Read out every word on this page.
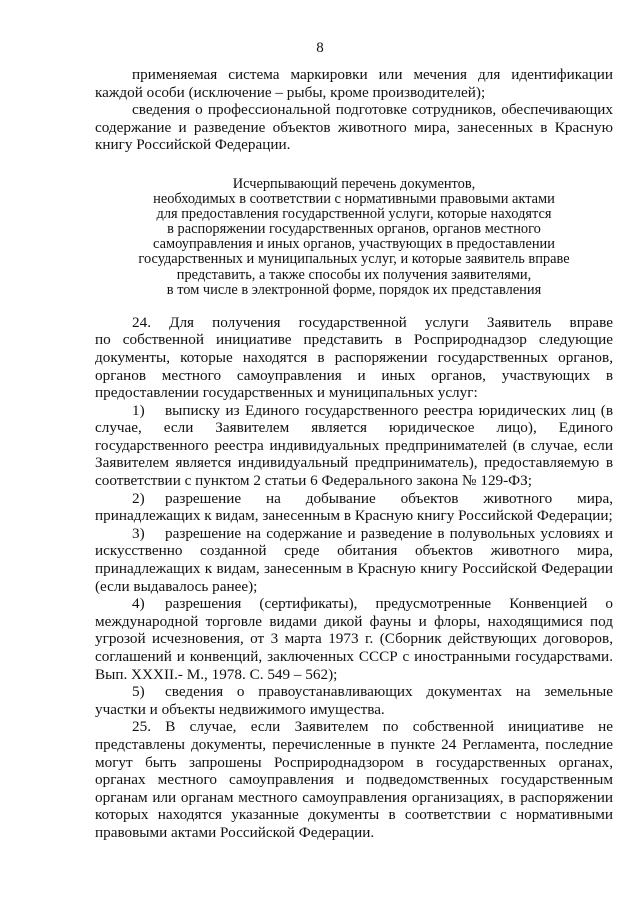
8

применяемая система маркировки или мечения для идентификации каждой особи (исключение – рыбы, кроме производителей);

сведения о профессиональной подготовке сотрудников, обеспечивающих содержание и разведение объектов животного мира, занесенных в Красную книгу Российской Федерации.

Исчерпывающий перечень документов,
необходимых в соответствии с нормативными правовыми актами
для предоставления государственной услуги, которые находятся
в распоряжении государственных органов, органов местного
самоуправления и иных органов, участвующих в предоставлении
государственных и муниципальных услуг, и которые заявитель вправе
представить, а также способы их получения заявителями,
в том числе в электронной форме, порядок их представления

24.    Для    получения    государственной    услуги    Заявитель    вправе по собственной инициативе представить в Росприроднадзор следующие документы, которые находятся в распоряжении государственных органов, органов местного самоуправления и иных органов, участвующих в предоставлении государственных и муниципальных услуг:

1) выписку из Единого государственного реестра юридических лиц (в случае, если Заявителем является юридическое лицо), Единого государственного реестра индивидуальных предпринимателей (в случае, если Заявителем является индивидуальный предприниматель), предоставляемую в соответствии с пунктом 2 статьи 6 Федерального закона № 129-ФЗ;
2) разрешение на добывание объектов животного мира, принадлежащих к видам, занесенным в Красную книгу Российской Федерации;
3) разрешение на содержание и разведение в полувольных условиях и искусственно созданной среде обитания объектов животного мира, принадлежащих к видам, занесенным в Красную книгу Российской Федерации (если выдавалось ранее);
4) разрешения (сертификаты), предусмотренные Конвенцией о международной торговле видами дикой фауны и флоры, находящимися под угрозой исчезновения, от 3 марта 1973 г. (Сборник действующих договоров, соглашений и конвенций, заключенных СССР с иностранными государствами. Вып. XXXII.- М., 1978. С. 549 – 562);
5) сведения о правоустанавливающих документах на земельные участки и объекты недвижимого имущества.

25. В случае, если Заявителем по собственной инициативе не представлены документы, перечисленные в пункте 24 Регламента, последние могут быть запрошены Росприроднадзором в государственных органах, органах местного самоуправления и подведомственных государственным органам или органам местного самоуправления организациях, в распоряжении которых находятся указанные документы в соответствии с нормативными правовыми актами Российской Федерации.
